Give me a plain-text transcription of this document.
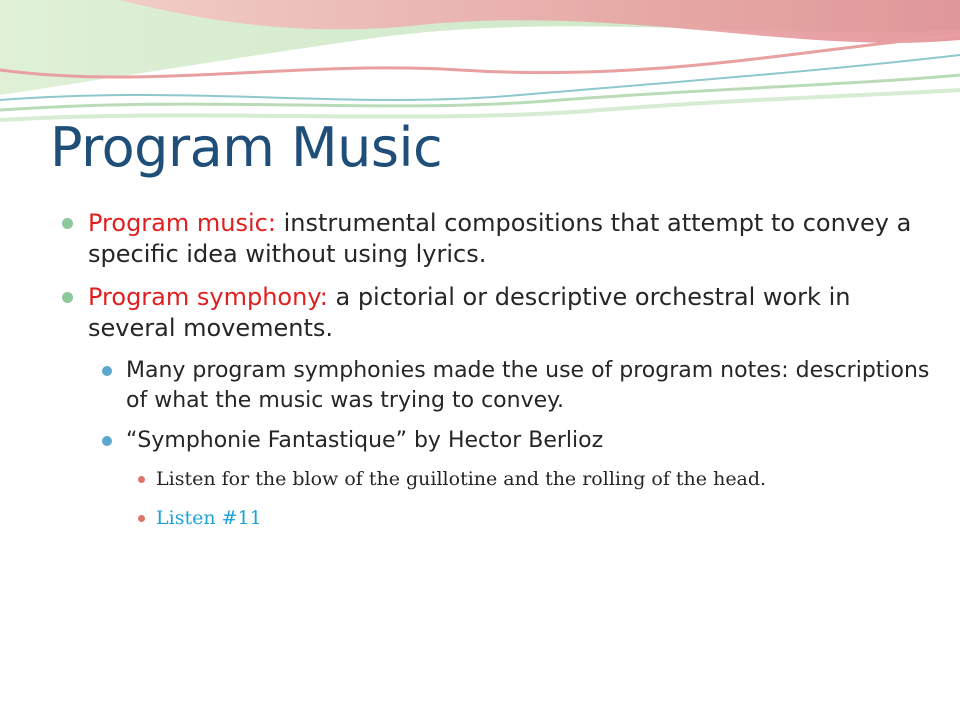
Program Music
Program music: instrumental compositions that attempt to convey a specific idea without using lyrics.
Program symphony: a pictorial or descriptive orchestral work in several movements.
Many program symphonies made the use of program notes: descriptions of what the music was trying to convey.
“Symphonie Fantastique” by Hector Berlioz
Listen for the blow of the guillotine and the rolling of the head.
Listen #11
